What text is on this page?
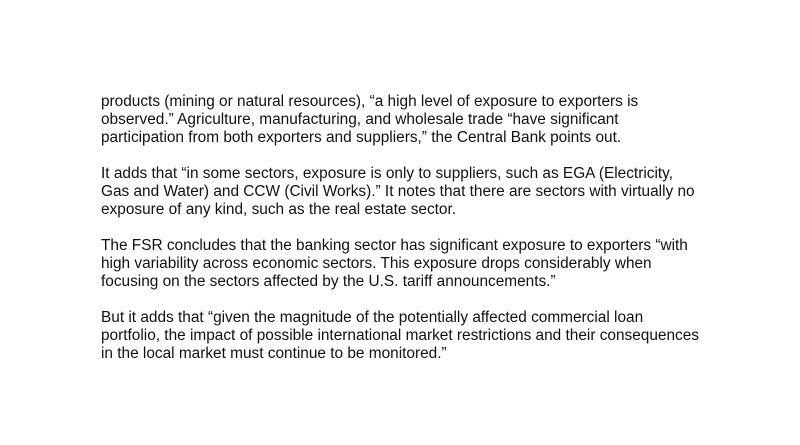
products (mining or natural resources), “a high level of exposure to exporters is
observed.” Agriculture, manufacturing, and wholesale trade “have significant
participation from both exporters and suppliers,” the Central Bank points out.

It adds that “in some sectors, exposure is only to suppliers, such as EGA (Electricity,
Gas and Water) and CCW (Civil Works).” It notes that there are sectors with virtually no
exposure of any kind, such as the real estate sector.

The FSR concludes that the banking sector has significant exposure to exporters “with
high variability across economic sectors. This exposure drops considerably when
focusing on the sectors affected by the U.S. tariff announcements.”

But it adds that “given the magnitude of the potentially affected commercial loan
portfolio, the impact of possible international market restrictions and their consequences
in the local market must continue to be monitored.”
